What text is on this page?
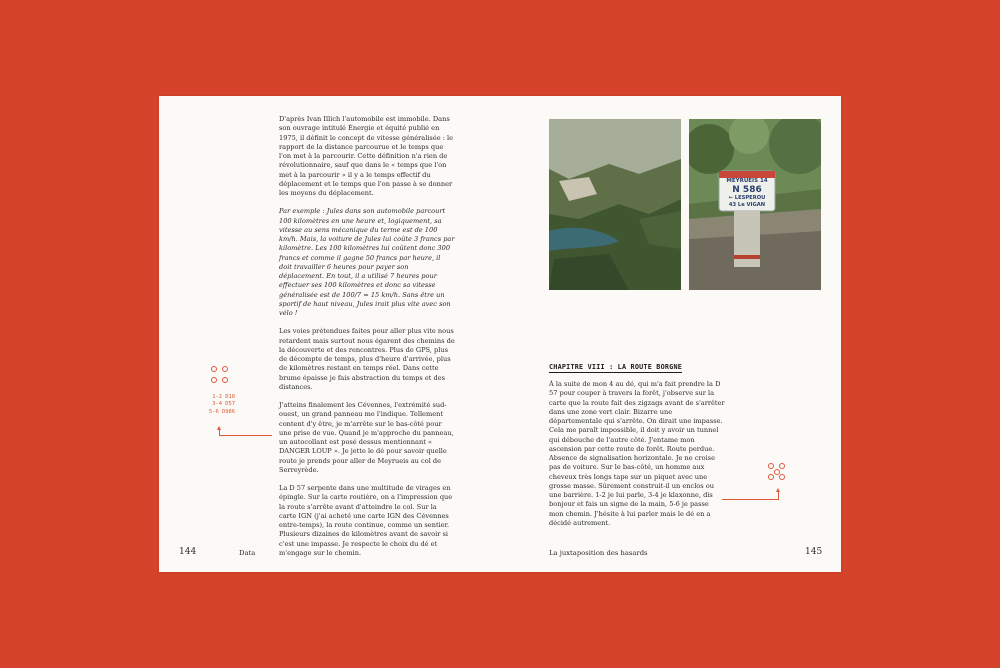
D'après Ivan Illich l'automobile est immobile. Dans son ouvrage intitulé Énergie et équité publié en 1975, il définit le concept de vitesse généralisée : le rapport de la distance parcourue et le temps que l'on met à la parcourir. Cette définition n'a rien de révolutionnaire, sauf que dans le « temps que l'on met à la parcourir » il y a le temps effectif du déplacement et le temps que l'on passe à se donner les moyens du déplacement.

Par exemple : Jules dans son automobile parcourt 100 kilomètres en une heure et, logiquement, sa vitesse au sens mécanique du terme est de 100 km/h. Mais, la voiture de Jules lui coûte 3 francs par kilomètre. Les 100 kilomètres lui coûtent donc 300 francs et comme il gagne 50 francs par heure, il doit travailler 6 heures pour payer son déplacement. En tout, il a utilisé 7 heures pour effectuer ses 100 kilomètres et donc sa vitesse généralisée est de 100/7 = 15 km/h. Sans être un sportif de haut niveau, Jules irait plus vite avec son vélo !

Les voies prétendues faites pour aller plus vite nous retardent mais surtout nous égarent des chemins de la découverte et des rencontres. Plus de GPS, plus de décompte de temps, plus d'heure d'arrivée, plus de kilomètres restant en temps réel. Dans cette brume épaisse je fais abstraction du temps et des distances.

J'atteins finalement les Cévennes, l'extrémité sud-ouest, un grand panneau me l'indique. Tellement content d'y être, je m'arrête sur le bas-côté pour une prise de vue. Quand je m'approche du panneau, un autocollant est posé dessus mentionnant « DANGER LOUP ». Je jette le dé pour savoir quelle route je prends pour aller de Meyrueis au col de Serreyrède.

La D 57 serpente dans une multitude de virages en épingle. Sur la carte routière, on a l'impression que la route s'arrête avant d'atteindre le col. Sur la carte IGN (j'ai acheté une carte IGN des Cévennes entre-temps), la route continue, comme un sentier. Plusieurs dizaines de kilomètres avant de savoir si c'est une impasse. Je respecte le choix du dé et m'engage sur le chemin.

1-2 D18
3-4 D57
5-6 D986
144	Data
MEYRUEIS 14
N 586
← LESPEROU
43 Le VIGAN
CHAPITRE VIII : LA ROUTE BORGNE

À la suite de mon 4 au dé, qui m'a fait prendre la D 57 pour couper à travers la forêt, j'observe sur la carte que la route fait des zigzags avant de s'arrêter dans une zone vert clair. Bizarre une départementale qui s'arrête. On dirait une impasse. Cela me paraît impossible, il doit y avoir un tunnel qui débouche de l'autre côté. J'entame mon ascension par cette route de forêt. Route perdue. Absence de signalisation horizontale. Je ne croise pas de voiture. Sur le bas-côté, un homme aux cheveux très longs tape sur un piquet avec une grosse masse. Sûrement construit-il un enclos ou une barrière. 1-2 je lui parle, 3-4 je klaxonne, dis bonjour et fais un signe de la main, 5-6 je passe mon chemin. J'hésite à lui parler mais le dé en a décidé autrement.

La juxtaposition des hasards	145
